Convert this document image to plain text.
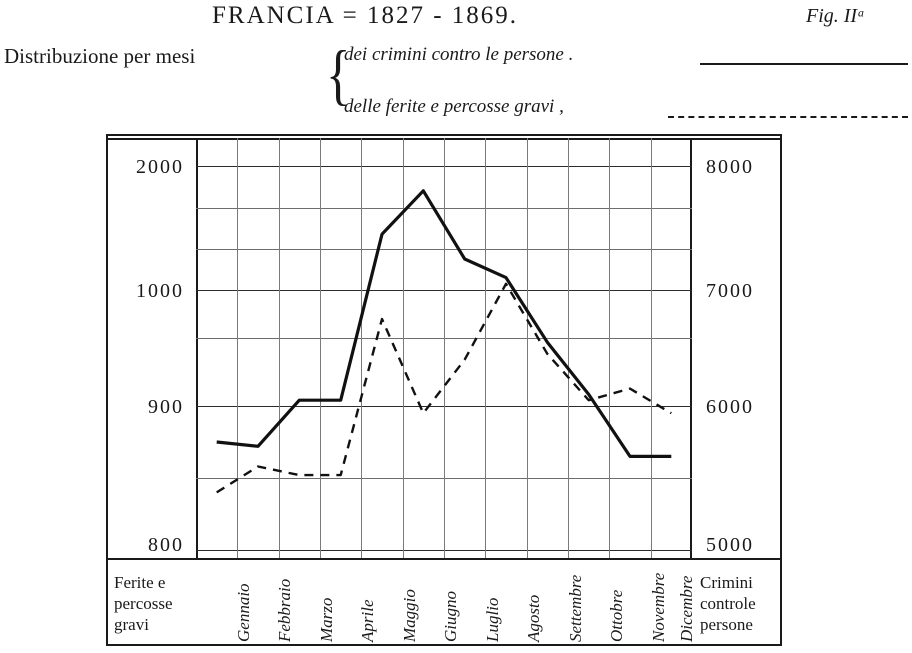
FRANCIA = 1827 - 1869.	Fig. IIᵃ
Distribuzione per mesi {
dei crimini contro le persone .
delle ferite e percosse gravi ,
2000
1000
900
800
8000
7000
6000
5000
Gennaio Febbraio Marzo Aprile Maggio Giugno Luglio Agosto Settembre Ottobre Novembre Dicembre
Ferite e
percosse
gravi
Crimini
controle
persone
